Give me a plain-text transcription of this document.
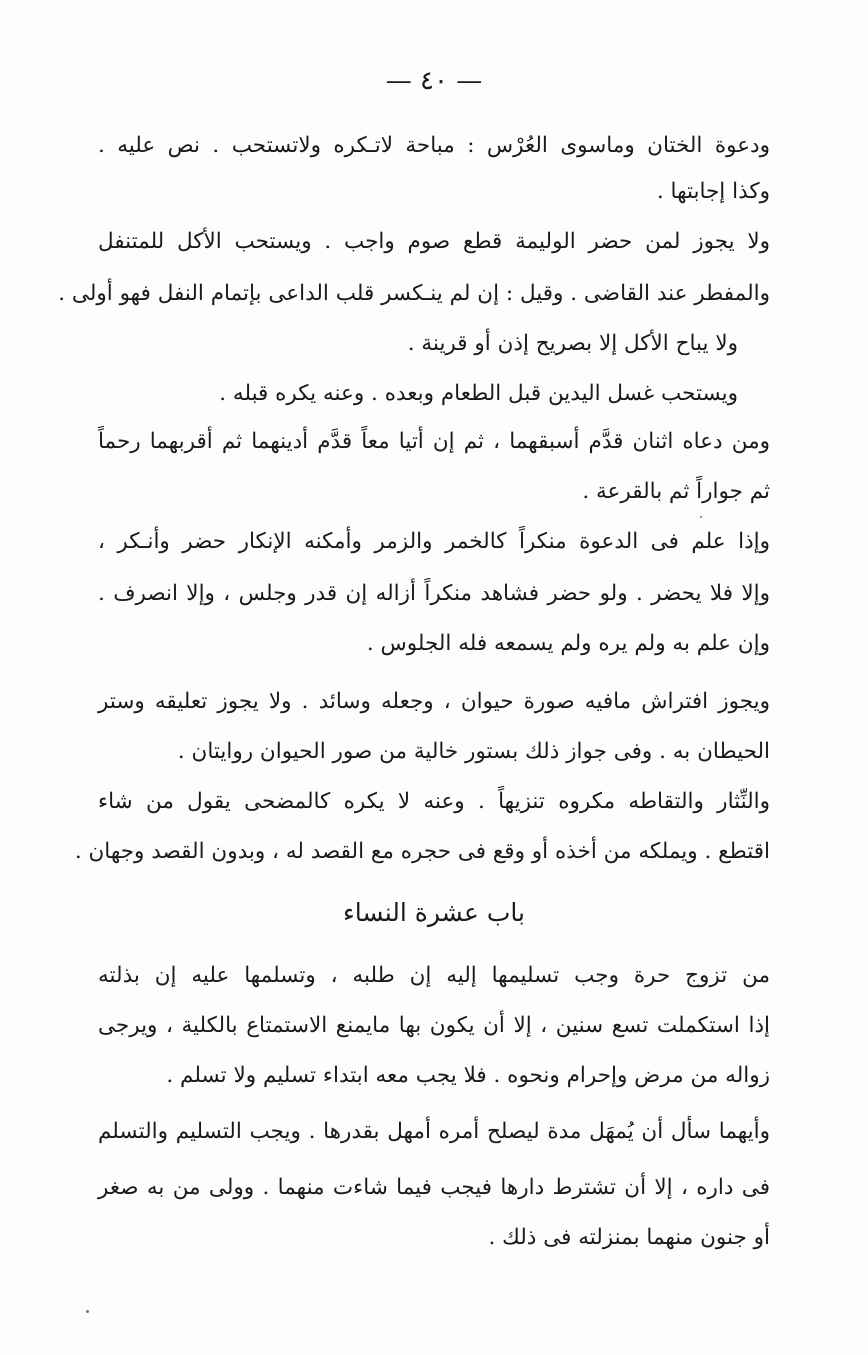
— ٤٠ —
ودعوة الختان وماسوى العُرْس : مباحة لاتـكره ولاتستحب . نص عليه .
وكذا إجابتها .
ولا يجوز لمن حضر الوليمة قطع صوم واجب . ويستحب الأكل للمتنفل
والمفطر عند القاضى . وقيل : إن لم ينـكسر قلب الداعى بإتمام النفل فهو أولى .
ولا يباح الأكل إلا بصريح إذن أو قرينة .
ويستحب غسل اليدين قبل الطعام وبعده . وعنه يكره قبله .
ومن دعاه اثنان قدَّم أسبقهما ، ثم إن أتيا معاً قدَّم أدينهما ثم أقربهما رحماً
ثم جواراً ثم بالقرعة .
وإذا علم فى الدعوة منكراً كالخمر والزمر وأمكنه الإنكار حضر وأنـكر ،
وإلا فلا يحضر . ولو حضر فشاهد منكراً أزاله إن قدر وجلس ، وإلا انصرف .
وإن علم به ولم يره ولم يسمعه فله الجلوس .
ويجوز افتراش مافيه صورة حيوان ، وجعله وسائد . ولا يجوز تعليقه وستر
الحيطان به . وفى جواز ذلك بستور خالية من صور الحيوان روايتان .
والنِّثار والتقاطه مكروه تنزيهاً . وعنه لا يكره كالمضحى يقول من شاء
اقتطع . ويملكه من أخذه أو وقع فى حجره مع القصد له ، وبدون القصد وجهان .
باب عشرة النساء
من تزوج حرة وجب تسليمها إليه إن طلبه ، وتسلمها عليه إن بذلته
إذا استكملت تسع سنين ، إلا أن يكون بها مايمنع الاستمتاع بالكلية ، ويرجى
زواله من مرض وإحرام ونحوه . فلا يجب معه ابتداء تسليم ولا تسلم .
وأيهما سأل أن يُمهَل مدة ليصلح أمره أمهل بقدرها . ويجب التسليم والتسلم
فى داره ، إلا أن تشترط دارها فيجب فيما شاءت منهما . وولى من به صغر
أو جنون منهما بمنزلته فى ذلك .
